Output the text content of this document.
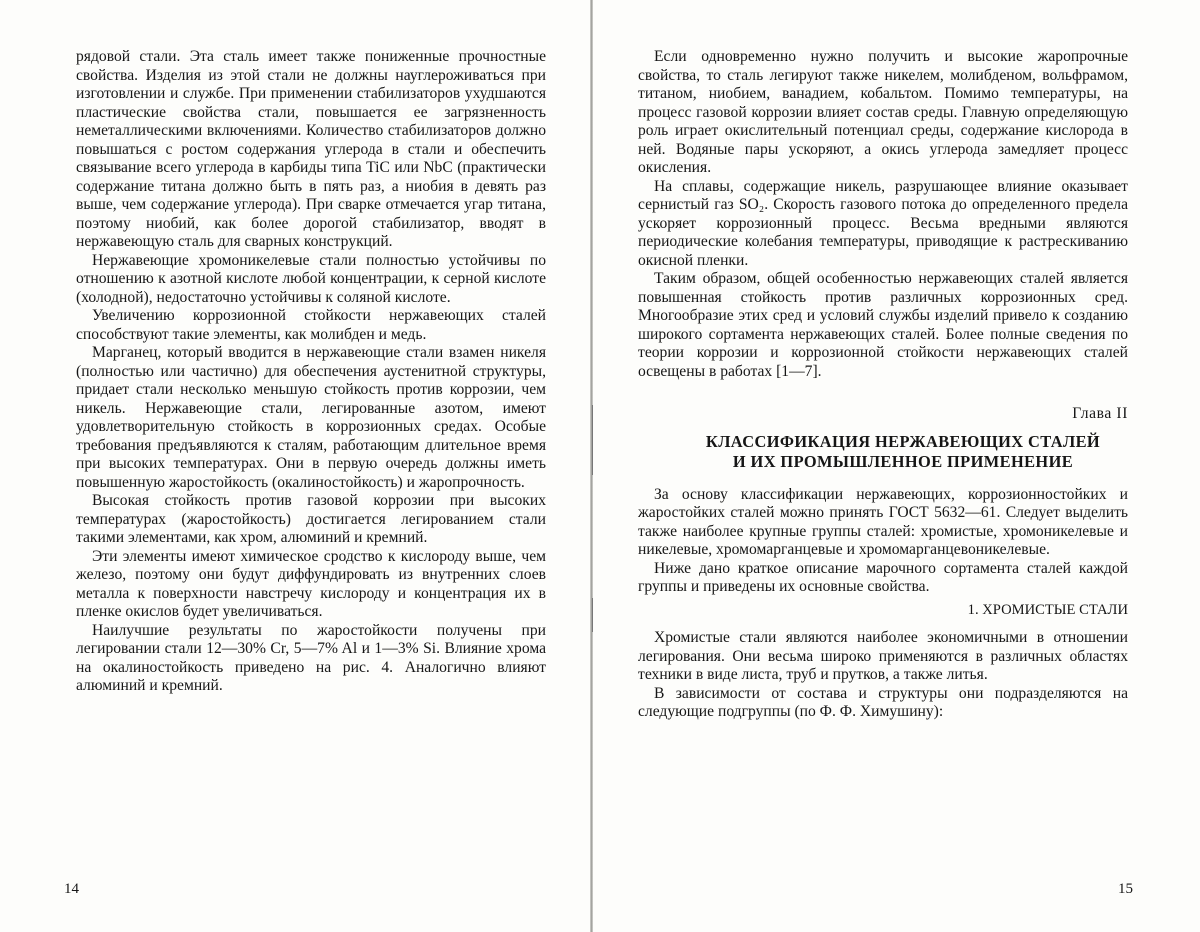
рядовой стали. Эта сталь имеет также пониженные прочностные свойства. Изделия из этой стали не должны науглероживаться при изготовлении и службе. При применении стабилизаторов ухудшаются пластические свойства стали, повышается ее загрязненность неметаллическими включениями. Количество стабилизаторов должно повышаться с ростом содержания углерода в стали и обеспечить связывание всего углерода в карбиды типа TiC или NbC (практически содержание титана должно быть в пять раз, а ниобия в девять раз выше, чем содержание углерода). При сварке отмечается угар титана, поэтому ниобий, как более дорогой стабилизатор, вводят в нержавеющую сталь для сварных конструкций.

Нержавеющие хромоникелевые стали полностью устойчивы по отношению к азотной кислоте любой концентрации, к серной кислоте (холодной), недостаточно устойчивы к соляной кислоте.

Увеличению коррозионной стойкости нержавеющих сталей способствуют такие элементы, как молибден и медь.

Марганец, который вводится в нержавеющие стали взамен никеля (полностью или частично) для обеспечения аустенитной структуры, придает стали несколько меньшую стойкость против коррозии, чем никель. Нержавеющие стали, легированные азотом, имеют удовлетворительную стойкость в коррозионных средах. Особые требования предъявляются к сталям, работающим длительное время при высоких температурах. Они в первую очередь должны иметь повышенную жаростойкость (окалиностойкость) и жаропрочность.

Высокая стойкость против газовой коррозии при высоких температурах (жаростойкость) достигается легированием стали такими элементами, как хром, алюминий и кремний.

Эти элементы имеют химическое сродство к кислороду выше, чем железо, поэтому они будут диффундировать из внутренних слоев металла к поверхности навстречу кислороду и концентрация их в пленке окислов будет увеличиваться.

Наилучшие результаты по жаростойкости получены при легировании стали 12—30% Cr, 5—7% Al и 1—3% Si. Влияние хрома на окалиностойкость приведено на рис. 4. Аналогично влияют алюминий и кремний.

14

Если одновременно нужно получить и высокие жаропрочные свойства, то сталь легируют также никелем, молибденом, вольфрамом, титаном, ниобием, ванадием, кобальтом. Помимо температуры, на процесс газовой коррозии влияет состав среды. Главную определяющую роль играет окислительный потенциал среды, содержание кислорода в ней. Водяные пары ускоряют, а окись углерода замедляет процесс окисления.

На сплавы, содержащие никель, разрушающее влияние оказывает сернистый газ SO₂. Скорость газового потока до определенного предела ускоряет коррозионный процесс. Весьма вредными являются периодические колебания температуры, приводящие к растрескиванию окисной пленки.

Таким образом, общей особенностью нержавеющих сталей является повышенная стойкость против различных коррозионных сред. Многообразие этих сред и условий службы изделий привело к созданию широкого сортамента нержавеющих сталей. Более полные сведения по теории коррозии и коррозионной стойкости нержавеющих сталей освещены в работах [1—7].

Глава II
КЛАССИФИКАЦИЯ НЕРЖАВЕЮЩИХ СТАЛЕЙ
И ИХ ПРОМЫШЛЕННОЕ ПРИМЕНЕНИЕ

За основу классификации нержавеющих, коррозионностойких и жаростойких сталей можно принять ГОСТ 5632—61. Следует выделить также наиболее крупные группы сталей: хромистые, хромоникелевые и никелевые, хромомарганцевые и хромомарганцевоникелевые.

Ниже дано краткое описание марочного сортамента сталей каждой группы и приведены их основные свойства.

1. ХРОМИСТЫЕ СТАЛИ

Хромистые стали являются наиболее экономичными в отношении легирования. Они весьма широко применяются в различных областях техники в виде листа, труб и прутков, а также литья.

В зависимости от состава и структуры они подразделяются на следующие подгруппы (по Ф. Ф. Химушину):

15
